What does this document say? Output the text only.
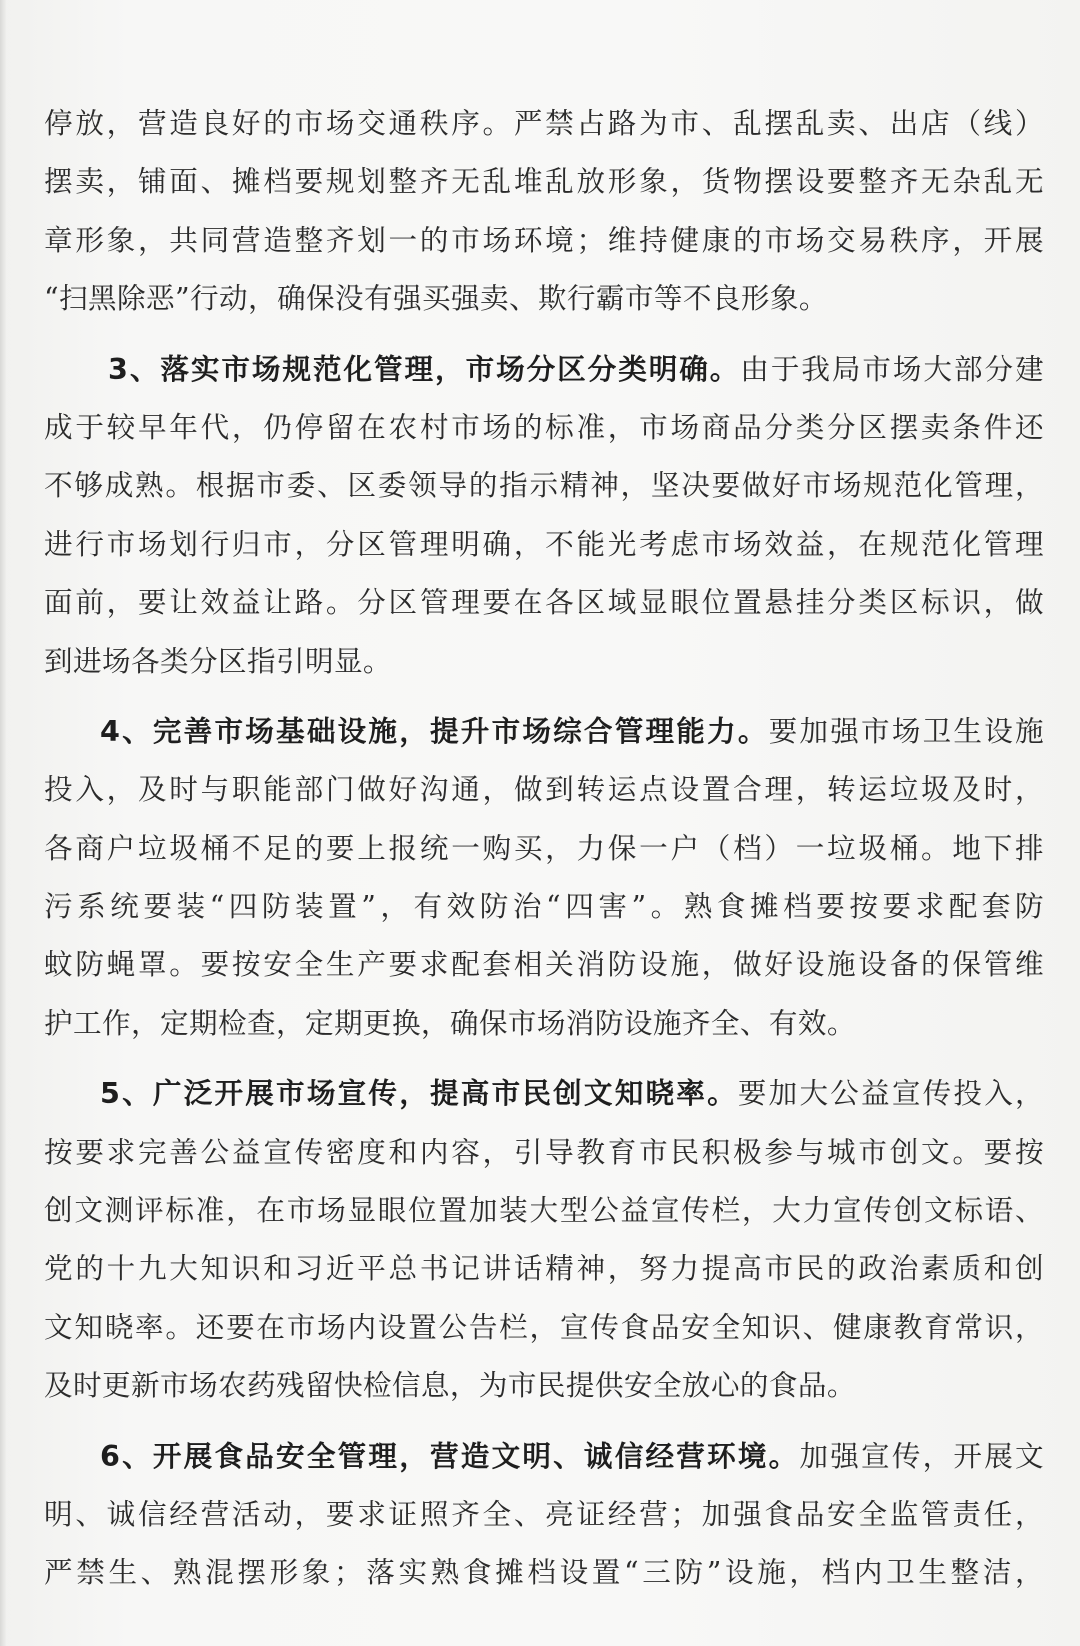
停放，营造良好的市场交通秩序。严禁占路为市、乱摆乱卖、出店（线）
摆卖，铺面、摊档要规划整齐无乱堆乱放形象，货物摆设要整齐无杂乱无
章形象，共同营造整齐划一的市场环境；维持健康的市场交易秩序，开展
“扫黑除恶”行动，确保没有强买强卖、欺行霸市等不良形象。
3、落实市场规范化管理，市场分区分类明确。由于我局市场大部分建
成于较早年代，仍停留在农村市场的标准，市场商品分类分区摆卖条件还
不够成熟。根据市委、区委领导的指示精神，坚决要做好市场规范化管理，
进行市场划行归市，分区管理明确，不能光考虑市场效益，在规范化管理
面前，要让效益让路。分区管理要在各区域显眼位置悬挂分类区标识，做
到进场各类分区指引明显。
4、完善市场基础设施，提升市场综合管理能力。要加强市场卫生设施
投入，及时与职能部门做好沟通，做到转运点设置合理，转运垃圾及时，
各商户垃圾桶不足的要上报统一购买，力保一户（档）一垃圾桶。地下排
污系统要装“四防装置”，有效防治“四害”。熟食摊档要按要求配套防
蚊防蝇罩。要按安全生产要求配套相关消防设施，做好设施设备的保管维
护工作，定期检查，定期更换，确保市场消防设施齐全、有效。
5、广泛开展市场宣传，提高市民创文知晓率。要加大公益宣传投入，
按要求完善公益宣传密度和内容，引导教育市民积极参与城市创文。要按
创文测评标准，在市场显眼位置加装大型公益宣传栏，大力宣传创文标语、
党的十九大知识和习近平总书记讲话精神，努力提高市民的政治素质和创
文知晓率。还要在市场内设置公告栏，宣传食品安全知识、健康教育常识，
及时更新市场农药残留快检信息，为市民提供安全放心的食品。
6、开展食品安全管理，营造文明、诚信经营环境。加强宣传，开展文
明、诚信经营活动，要求证照齐全、亮证经营；加强食品安全监管责任，
严禁生、熟混摆形象；落实熟食摊档设置“三防”设施，档内卫生整洁，
